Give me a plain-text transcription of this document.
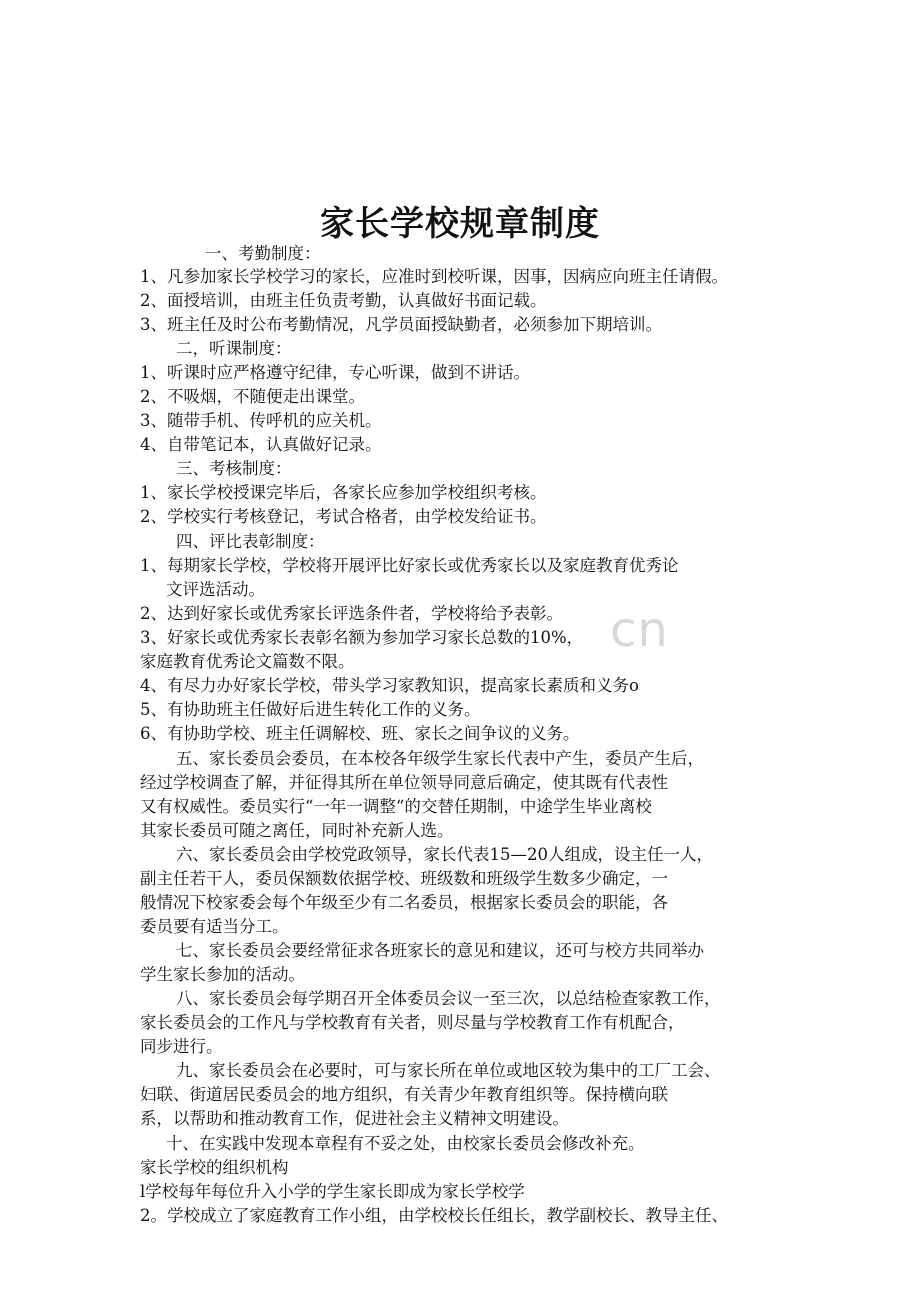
家长学校规章制度
cn
一、考勤制度：
1、凡参加家长学校学习的家长，应准时到校听课，因事，因病应向班主任请假。
2、面授培训，由班主任负责考勤，认真做好书面记载。
3、班主任及时公布考勤情况，凡学员面授缺勤者，必须参加下期培训。
二，听课制度：
1、听课时应严格遵守纪律，专心听课，做到不讲话。
2、不吸烟，不随便走出课堂。
3、随带手机、传呼机的应关机。
4、自带笔记本，认真做好记录。
三、考核制度：
1、家长学校授课完毕后，各家长应参加学校组织考核。
2、学校实行考核登记，考试合格者，由学校发给证书。
四、评比表彰制度：
1、每期家长学校，学校将开展评比好家长或优秀家长以及家庭教育优秀论
文评选活动。
2、达到好家长或优秀家长评选条件者，学校将给予表彰。
3、好家长或优秀家长表彰名额为参加学习家长总数的10%，
家庭教育优秀论文篇数不限。
4、有尽力办好家长学校，带头学习家教知识，提高家长素质和义务o
5、有协助班主任做好后进生转化工作的义务。
6、有协助学校、班主任调解校、班、家长之间争议的义务。
五、家长委员会委员，在本校各年级学生家长代表中产生，委员产生后，
经过学校调查了解，并征得其所在单位领导同意后确定，使其既有代表性
又有权威性。委员实行“一年一调整“的交替任期制，中途学生毕业离校
其家长委员可随之离任，同时补充新人选。
六、家长委员会由学校党政领导，家长代表15—20人组成，设主任一人，
副主任若干人，委员保额数依据学校、班级数和班级学生数多少确定，一
般情况下校家委会每个年级至少有二名委员，根据家长委员会的职能，各
委员要有适当分工。
七、家长委员会要经常征求各班家长的意见和建议，还可与校方共同举办
学生家长参加的活动。
八、家长委员会每学期召开全体委员会议一至三次，以总结检查家教工作，
家长委员会的工作凡与学校教育有关者，则尽量与学校教育工作有机配合，
同步进行。
九、家长委员会在必要时，可与家长所在单位或地区较为集中的工厂工会、
妇联、街道居民委员会的地方组织，有关青少年教育组织等。保持横向联
系，以帮助和推动教育工作，促进社会主义精神文明建设。
十、在实践中发现本章程有不妥之处，由校家长委员会修改补充。
家长学校的组织机构
l学校每年每位升入小学的学生家长即成为家长学校学
2。学校成立了家庭教育工作小组，由学校校长任组长，教学副校长、教导主任、
